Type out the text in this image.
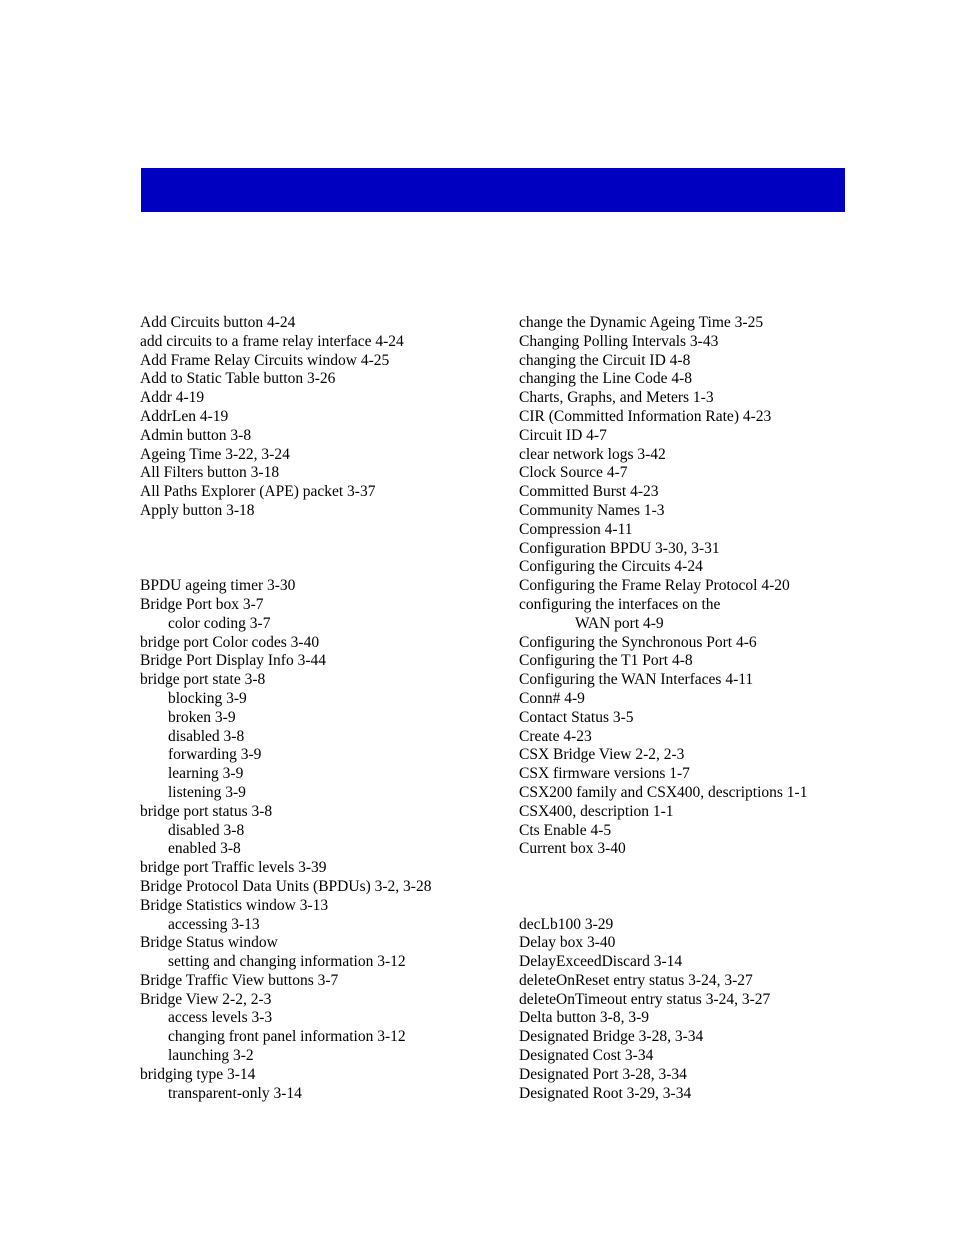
Add Circuits button 4-24
add circuits to a frame relay interface 4-24
Add Frame Relay Circuits window 4-25
Add to Static Table button 3-26
Addr 4-19
AddrLen 4-19
Admin button 3-8
Ageing Time 3-22, 3-24
All Filters button 3-18
All Paths Explorer (APE) packet 3-37
Apply button 3-18
BPDU ageing timer 3-30
Bridge Port box 3-7
color coding 3-7
bridge port Color codes 3-40
Bridge Port Display Info 3-44
bridge port state 3-8
blocking 3-9
broken 3-9
disabled 3-8
forwarding 3-9
learning 3-9
listening 3-9
bridge port status 3-8
disabled 3-8
enabled 3-8
bridge port Traffic levels 3-39
Bridge Protocol Data Units (BPDUs) 3-2, 3-28
Bridge Statistics window 3-13
accessing 3-13
Bridge Status window
setting and changing information 3-12
Bridge Traffic View buttons 3-7
Bridge View 2-2, 2-3
access levels 3-3
changing front panel information 3-12
launching 3-2
bridging type 3-14
transparent-only 3-14
change the Dynamic Ageing Time 3-25
Changing Polling Intervals 3-43
changing the Circuit ID 4-8
changing the Line Code 4-8
Charts, Graphs, and Meters 1-3
CIR (Committed Information Rate) 4-23
Circuit ID 4-7
clear network logs 3-42
Clock Source 4-7
Committed Burst 4-23
Community Names 1-3
Compression 4-11
Configuration BPDU 3-30, 3-31
Configuring the Circuits 4-24
Configuring the Frame Relay Protocol 4-20
configuring the interfaces on the
WAN port 4-9
Configuring the Synchronous Port 4-6
Configuring the T1 Port 4-8
Configuring the WAN Interfaces 4-11
Conn# 4-9
Contact Status 3-5
Create 4-23
CSX Bridge View 2-2, 2-3
CSX firmware versions 1-7
CSX200 family and CSX400, descriptions 1-1
CSX400, description 1-1
Cts Enable 4-5
Current box 3-40
decLb100 3-29
Delay box 3-40
DelayExceedDiscard 3-14
deleteOnReset entry status 3-24, 3-27
deleteOnTimeout entry status 3-24, 3-27
Delta button 3-8, 3-9
Designated Bridge 3-28, 3-34
Designated Cost 3-34
Designated Port 3-28, 3-34
Designated Root 3-29, 3-34
